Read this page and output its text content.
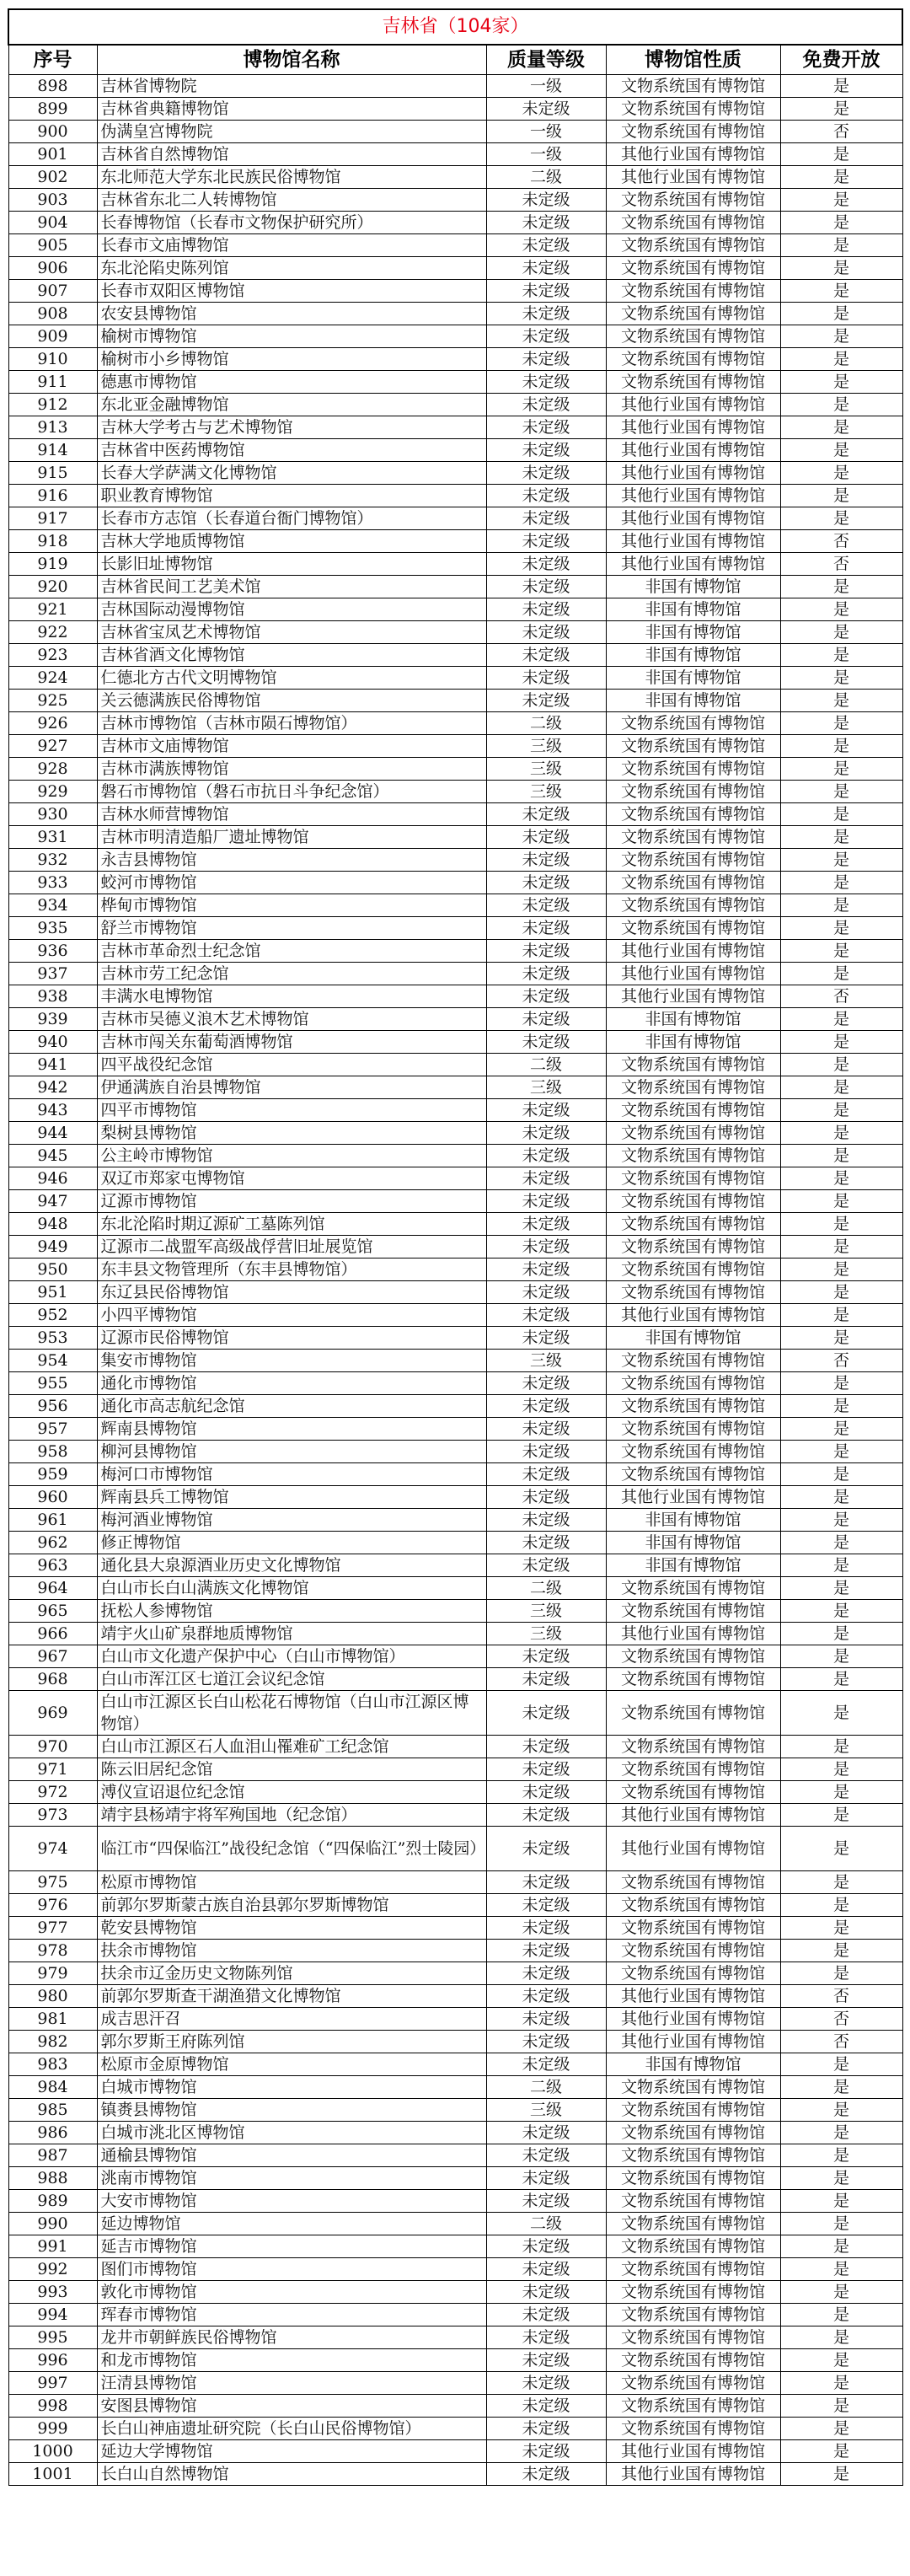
吉林省（104家）				
序号	博物馆名称	质量等级	博物馆性质	免费开放
898	吉林省博物院	一级	文物系统国有博物馆	是
899	吉林省典籍博物馆	未定级	文物系统国有博物馆	是
900	伪满皇宫博物院	一级	文物系统国有博物馆	否
901	吉林省自然博物馆	一级	其他行业国有博物馆	是
902	东北师范大学东北民族民俗博物馆	二级	其他行业国有博物馆	是
903	吉林省东北二人转博物馆	未定级	文物系统国有博物馆	是
904	长春博物馆（长春市文物保护研究所）	未定级	文物系统国有博物馆	是
905	长春市文庙博物馆	未定级	文物系统国有博物馆	是
906	东北沦陷史陈列馆	未定级	文物系统国有博物馆	是
907	长春市双阳区博物馆	未定级	文物系统国有博物馆	是
908	农安县博物馆	未定级	文物系统国有博物馆	是
909	榆树市博物馆	未定级	文物系统国有博物馆	是
910	榆树市小乡博物馆	未定级	文物系统国有博物馆	是
911	德惠市博物馆	未定级	文物系统国有博物馆	是
912	东北亚金融博物馆	未定级	其他行业国有博物馆	是
913	吉林大学考古与艺术博物馆	未定级	其他行业国有博物馆	是
914	吉林省中医药博物馆	未定级	其他行业国有博物馆	是
915	长春大学萨满文化博物馆	未定级	其他行业国有博物馆	是
916	职业教育博物馆	未定级	其他行业国有博物馆	是
917	长春市方志馆（长春道台衙门博物馆）	未定级	其他行业国有博物馆	是
918	吉林大学地质博物馆	未定级	其他行业国有博物馆	否
919	长影旧址博物馆	未定级	其他行业国有博物馆	否
920	吉林省民间工艺美术馆	未定级	非国有博物馆	是
921	吉林国际动漫博物馆	未定级	非国有博物馆	是
922	吉林省宝凤艺术博物馆	未定级	非国有博物馆	是
923	吉林省酒文化博物馆	未定级	非国有博物馆	是
924	仁德北方古代文明博物馆	未定级	非国有博物馆	是
925	关云德满族民俗博物馆	未定级	非国有博物馆	是
926	吉林市博物馆（吉林市陨石博物馆）	二级	文物系统国有博物馆	是
927	吉林市文庙博物馆	三级	文物系统国有博物馆	是
928	吉林市满族博物馆	三级	文物系统国有博物馆	是
929	磐石市博物馆（磐石市抗日斗争纪念馆）	三级	文物系统国有博物馆	是
930	吉林水师营博物馆	未定级	文物系统国有博物馆	是
931	吉林市明清造船厂遗址博物馆	未定级	文物系统国有博物馆	是
932	永吉县博物馆	未定级	文物系统国有博物馆	是
933	蛟河市博物馆	未定级	文物系统国有博物馆	是
934	桦甸市博物馆	未定级	文物系统国有博物馆	是
935	舒兰市博物馆	未定级	文物系统国有博物馆	是
936	吉林市革命烈士纪念馆	未定级	其他行业国有博物馆	是
937	吉林市劳工纪念馆	未定级	其他行业国有博物馆	是
938	丰满水电博物馆	未定级	其他行业国有博物馆	否
939	吉林市吴德义浪木艺术博物馆	未定级	非国有博物馆	是
940	吉林市闯关东葡萄酒博物馆	未定级	非国有博物馆	是
941	四平战役纪念馆	二级	文物系统国有博物馆	是
942	伊通满族自治县博物馆	三级	文物系统国有博物馆	是
943	四平市博物馆	未定级	文物系统国有博物馆	是
944	梨树县博物馆	未定级	文物系统国有博物馆	是
945	公主岭市博物馆	未定级	文物系统国有博物馆	是
946	双辽市郑家屯博物馆	未定级	文物系统国有博物馆	是
947	辽源市博物馆	未定级	文物系统国有博物馆	是
948	东北沦陷时期辽源矿工墓陈列馆	未定级	文物系统国有博物馆	是
949	辽源市二战盟军高级战俘营旧址展览馆	未定级	文物系统国有博物馆	是
950	东丰县文物管理所（东丰县博物馆）	未定级	文物系统国有博物馆	是
951	东辽县民俗博物馆	未定级	文物系统国有博物馆	是
952	小四平博物馆	未定级	其他行业国有博物馆	是
953	辽源市民俗博物馆	未定级	非国有博物馆	是
954	集安市博物馆	三级	文物系统国有博物馆	否
955	通化市博物馆	未定级	文物系统国有博物馆	是
956	通化市高志航纪念馆	未定级	文物系统国有博物馆	是
957	辉南县博物馆	未定级	文物系统国有博物馆	是
958	柳河县博物馆	未定级	文物系统国有博物馆	是
959	梅河口市博物馆	未定级	文物系统国有博物馆	是
960	辉南县兵工博物馆	未定级	其他行业国有博物馆	是
961	梅河酒业博物馆	未定级	非国有博物馆	是
962	修正博物馆	未定级	非国有博物馆	是
963	通化县大泉源酒业历史文化博物馆	未定级	非国有博物馆	是
964	白山市长白山满族文化博物馆	二级	文物系统国有博物馆	是
965	抚松人参博物馆	三级	文物系统国有博物馆	是
966	靖宇火山矿泉群地质博物馆	三级	其他行业国有博物馆	是
967	白山市文化遗产保护中心（白山市博物馆）	未定级	文物系统国有博物馆	是
968	白山市浑江区七道江会议纪念馆	未定级	文物系统国有博物馆	是
969	白山市江源区长白山松花石博物馆（白山市江源区博物馆）	未定级	文物系统国有博物馆	是
970	白山市江源区石人血泪山罹难矿工纪念馆	未定级	文物系统国有博物馆	是
971	陈云旧居纪念馆	未定级	文物系统国有博物馆	是
972	溥仪宣诏退位纪念馆	未定级	文物系统国有博物馆	是
973	靖宇县杨靖宇将军殉国地（纪念馆）	未定级	其他行业国有博物馆	是
974	临江市“四保临江”战役纪念馆（“四保临江”烈士陵园）	未定级	其他行业国有博物馆	是
975	松原市博物馆	未定级	文物系统国有博物馆	是
976	前郭尔罗斯蒙古族自治县郭尔罗斯博物馆	未定级	文物系统国有博物馆	是
977	乾安县博物馆	未定级	文物系统国有博物馆	是
978	扶余市博物馆	未定级	文物系统国有博物馆	是
979	扶余市辽金历史文物陈列馆	未定级	文物系统国有博物馆	是
980	前郭尔罗斯查干湖渔猎文化博物馆	未定级	其他行业国有博物馆	否
981	成吉思汗召	未定级	其他行业国有博物馆	否
982	郭尔罗斯王府陈列馆	未定级	其他行业国有博物馆	否
983	松原市金原博物馆	未定级	非国有博物馆	是
984	白城市博物馆	二级	文物系统国有博物馆	是
985	镇赉县博物馆	三级	文物系统国有博物馆	是
986	白城市洮北区博物馆	未定级	文物系统国有博物馆	是
987	通榆县博物馆	未定级	文物系统国有博物馆	是
988	洮南市博物馆	未定级	文物系统国有博物馆	是
989	大安市博物馆	未定级	文物系统国有博物馆	是
990	延边博物馆	二级	文物系统国有博物馆	是
991	延吉市博物馆	未定级	文物系统国有博物馆	是
992	图们市博物馆	未定级	文物系统国有博物馆	是
993	敦化市博物馆	未定级	文物系统国有博物馆	是
994	珲春市博物馆	未定级	文物系统国有博物馆	是
995	龙井市朝鲜族民俗博物馆	未定级	文物系统国有博物馆	是
996	和龙市博物馆	未定级	文物系统国有博物馆	是
997	汪清县博物馆	未定级	文物系统国有博物馆	是
998	安图县博物馆	未定级	文物系统国有博物馆	是
999	长白山神庙遗址研究院（长白山民俗博物馆）	未定级	文物系统国有博物馆	是
1000	延边大学博物馆	未定级	其他行业国有博物馆	是
1001	长白山自然博物馆	未定级	其他行业国有博物馆	是
